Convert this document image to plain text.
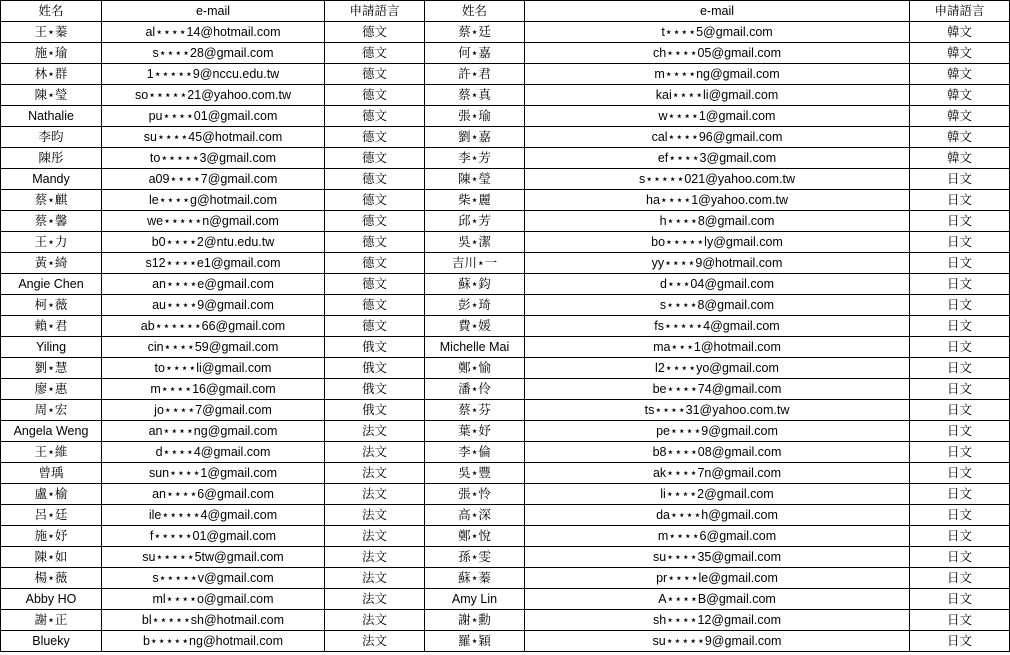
姓名	e-mail	申請語言	姓名	e-mail	申請語言
王⋆蓁	al⋆⋆⋆⋆14@hotmail.com	德文	蔡⋆廷	t⋆⋆⋆⋆5@gmail.com	韓文
施⋆瑜	s⋆⋆⋆⋆28@gmail.com	德文	何⋆嘉	ch⋆⋆⋆⋆05@gmail.com	韓文
林⋆群	1⋆⋆⋆⋆⋆9@nccu.edu.tw	德文	許⋆君	m⋆⋆⋆⋆ng@gmail.com	韓文
陳⋆瑩	so⋆⋆⋆⋆⋆21@yahoo.com.tw	德文	蔡⋆真	kai⋆⋆⋆⋆li@gmail.com	韓文
Nathalie	pu⋆⋆⋆⋆01@gmail.com	德文	張⋆瑜	w⋆⋆⋆⋆1@gmail.com	韓文
李昀	su⋆⋆⋆⋆45@hotmail.com	德文	劉⋆嘉	cal⋆⋆⋆⋆96@gmail.com	韓文
陳彤	to⋆⋆⋆⋆⋆3@gmail.com	德文	李⋆芳	ef⋆⋆⋆⋆3@gmail.com	韓文
Mandy	a09⋆⋆⋆⋆7@gmail.com	德文	陳⋆瑩	s⋆⋆⋆⋆⋆021@yahoo.com.tw	日文
蔡⋆麒	le⋆⋆⋆⋆g@hotmail.com	德文	柴⋆麗	ha⋆⋆⋆⋆1@yahoo.com.tw	日文
蔡⋆馨	we⋆⋆⋆⋆⋆n@gmail.com	德文	邱⋆芳	h⋆⋆⋆⋆8@gmail.com	日文
王⋆力	b0⋆⋆⋆⋆2@ntu.edu.tw	德文	吳⋆潔	bo⋆⋆⋆⋆⋆ly@gmail.com	日文
黃⋆綺	s12⋆⋆⋆⋆e1@gmail.com	德文	吉川⋆一	yy⋆⋆⋆⋆9@hotmail.com	日文
Angie Chen	an⋆⋆⋆⋆e@gmail.com	德文	蘇⋆鈞	d⋆⋆⋆04@gmail.com	日文
柯⋆薇	au⋆⋆⋆⋆9@gmail.com	德文	彭⋆琦	s⋆⋆⋆⋆8@gmail.com	日文
賴⋆君	ab⋆⋆⋆⋆⋆⋆66@gmail.com	德文	費⋆媛	fs⋆⋆⋆⋆⋆4@gmail.com	日文
Yiling	cin⋆⋆⋆⋆59@gmail.com	俄文	Michelle Mai	ma⋆⋆⋆1@hotmail.com	日文
劉⋆慧	to⋆⋆⋆⋆li@gmail.com	俄文	鄭⋆愉	l2⋆⋆⋆⋆yo@gmail.com	日文
廖⋆惠	m⋆⋆⋆⋆16@gmail.com	俄文	潘⋆伶	be⋆⋆⋆⋆74@gmail.com	日文
周⋆宏	jo⋆⋆⋆⋆7@gmail.com	俄文	蔡⋆芬	ts⋆⋆⋆⋆31@yahoo.com.tw	日文
Angela Weng	an⋆⋆⋆⋆ng@gmail.com	法文	葉⋆妤	pe⋆⋆⋆⋆9@gmail.com	日文
王⋆維	d⋆⋆⋆⋆4@gmail.com	法文	李⋆倫	b8⋆⋆⋆⋆08@gmail.com	日文
曾瑀	sun⋆⋆⋆⋆1@gmail.com	法文	吳⋆豐	ak⋆⋆⋆⋆7n@gmail.com	日文
盧⋆榆	an⋆⋆⋆⋆6@gmail.com	法文	張⋆怜	li⋆⋆⋆⋆2@gmail.com	日文
呂⋆廷	ile⋆⋆⋆⋆⋆4@gmail.com	法文	高⋆深	da⋆⋆⋆⋆h@gmail.com	日文
施⋆妤	f⋆⋆⋆⋆⋆01@gmail.com	法文	鄭⋆悅	m⋆⋆⋆⋆6@gmail.com	日文
陳⋆如	su⋆⋆⋆⋆⋆5tw@gmail.com	法文	孫⋆雯	su⋆⋆⋆⋆35@gmail.com	日文
楊⋆薇	s⋆⋆⋆⋆⋆v@gmail.com	法文	蘇⋆蓁	pr⋆⋆⋆⋆le@gmail.com	日文
Abby HO	ml⋆⋆⋆⋆o@gmail.com	法文	Amy Lin	A⋆⋆⋆⋆B@gmail.com	日文
謝⋆正	bl⋆⋆⋆⋆⋆sh@hotmail.com	法文	謝⋆勳	sh⋆⋆⋆⋆12@gmail.com	日文
Blueky	b⋆⋆⋆⋆⋆ng@hotmail.com	法文	羅⋆穎	su⋆⋆⋆⋆⋆9@gmail.com	日文
